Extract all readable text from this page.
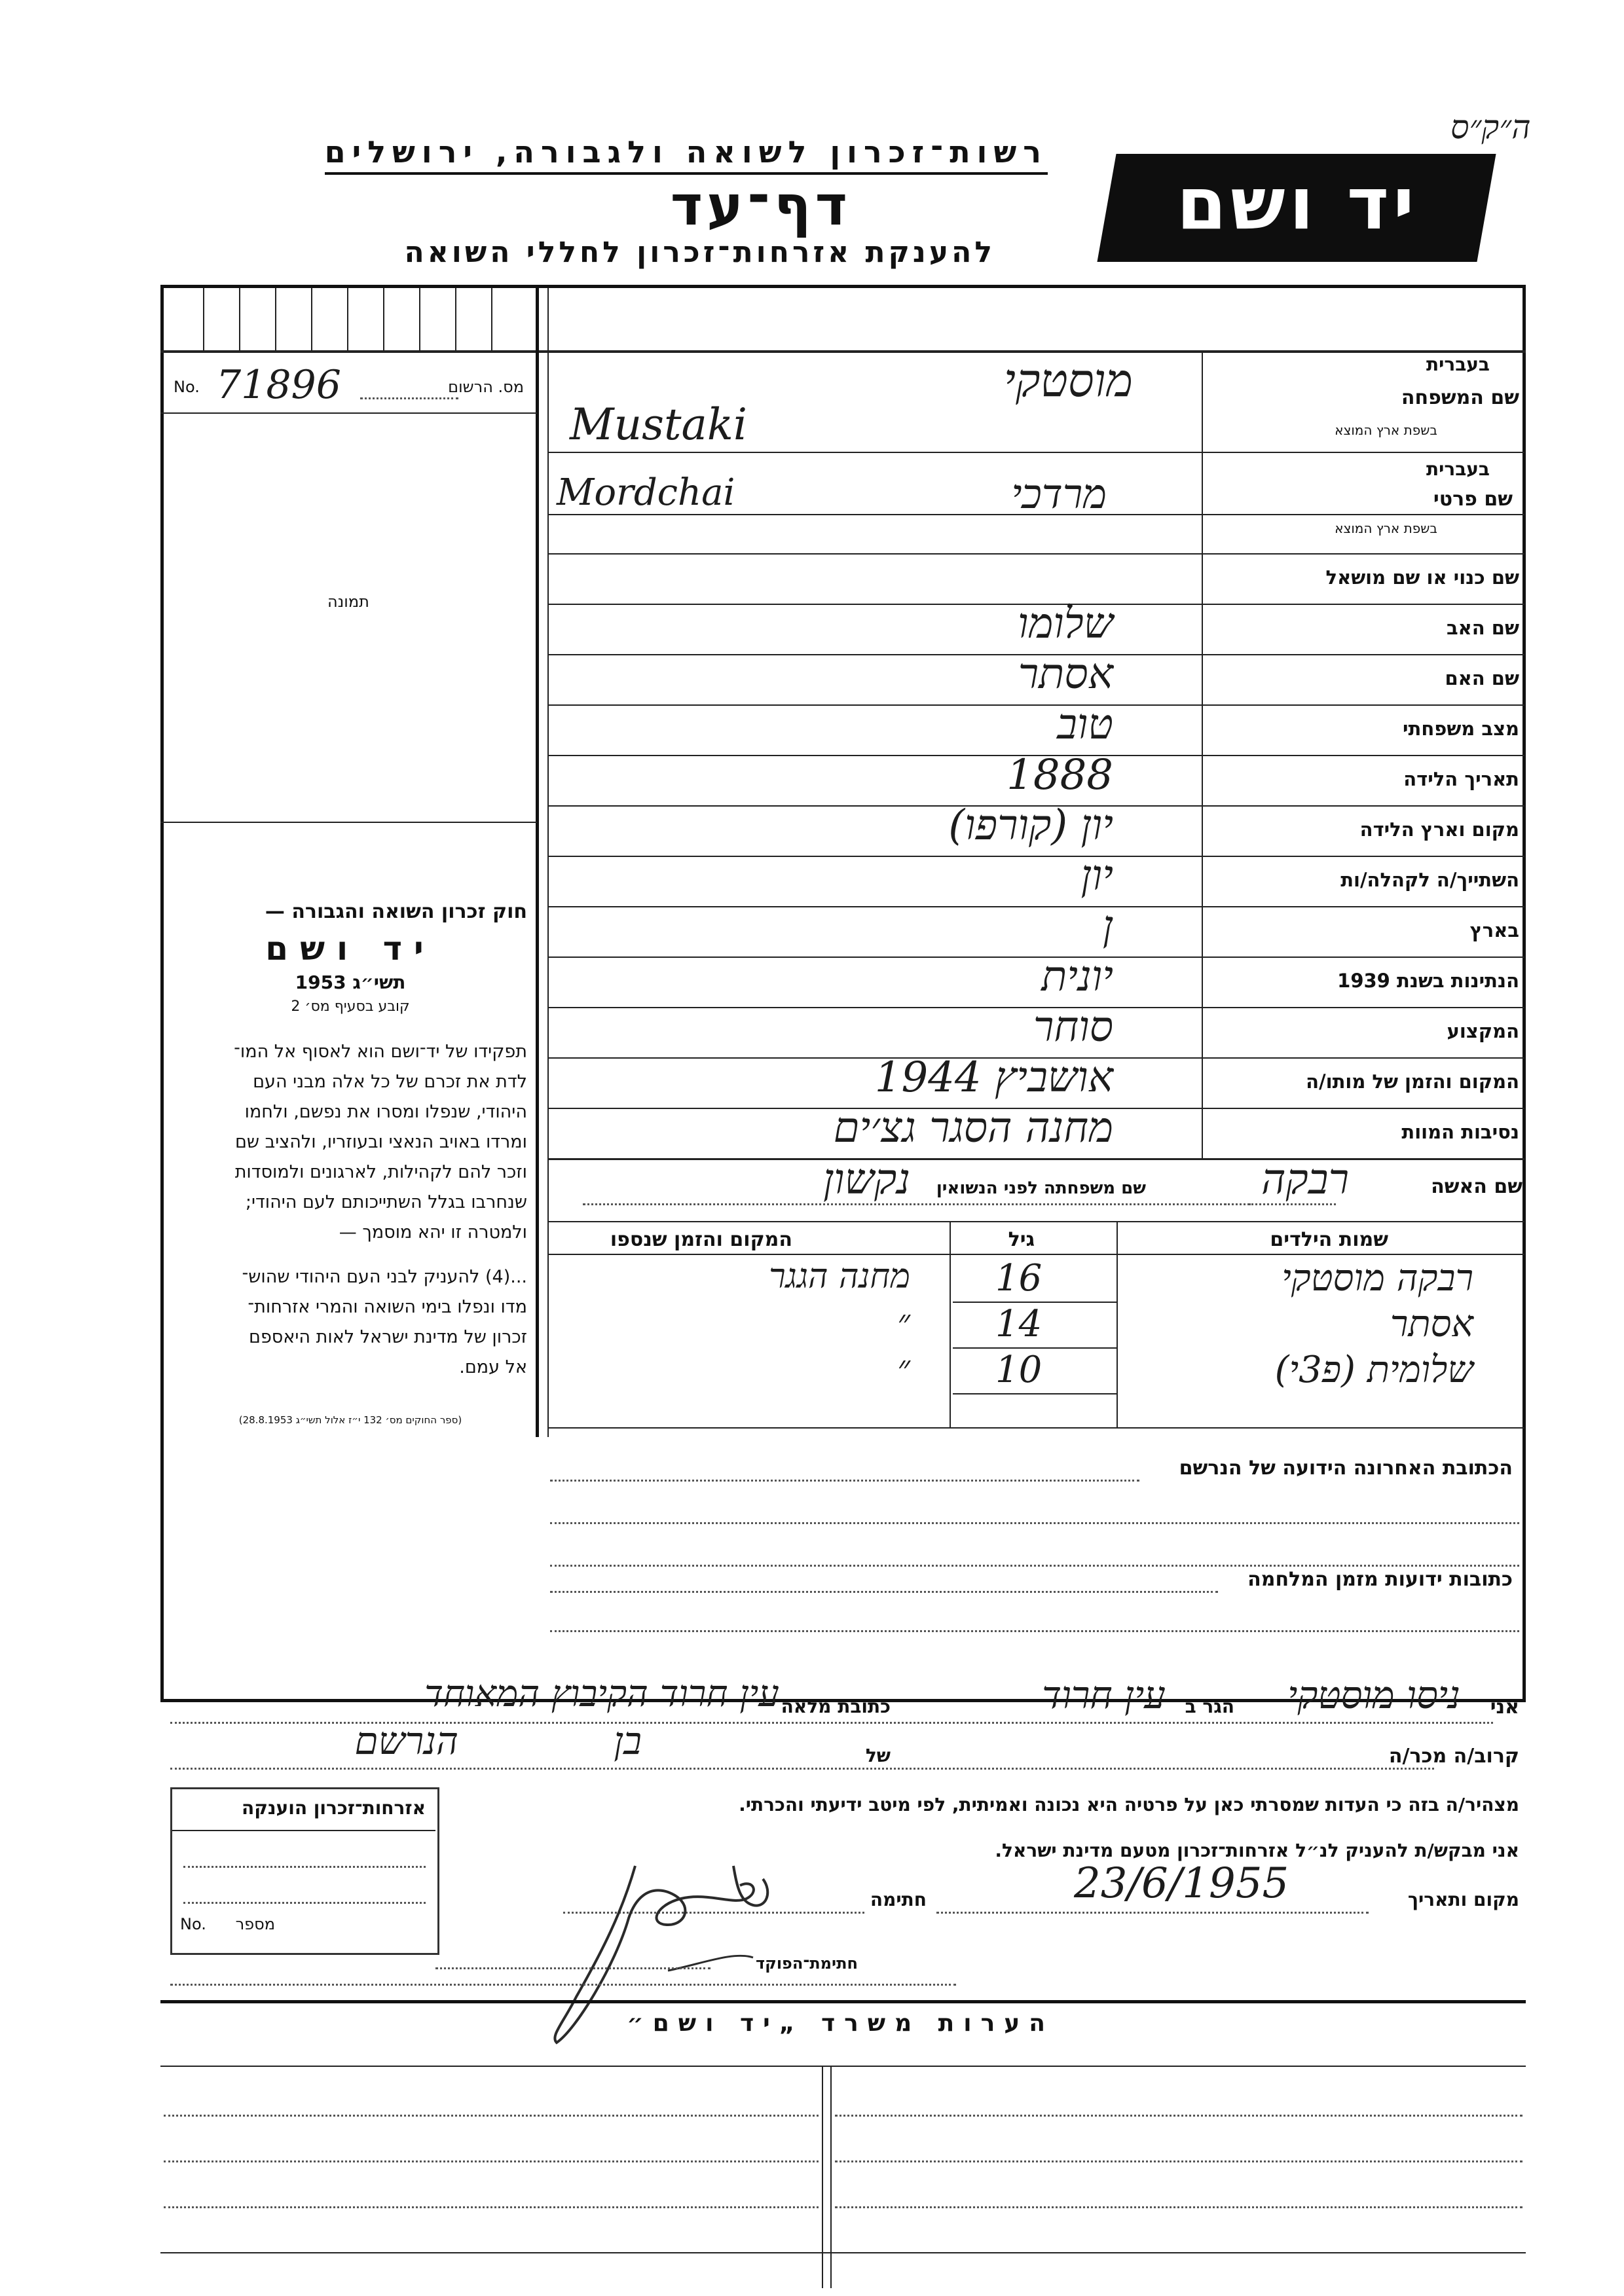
ה״ק״ס
רשות־זכרון לשואה ולגבורה, ירושלים
דף־עד
להענקת אזרחות־זכרון לחללי השואה
יד ושם
No. 71896	מס. הרשום
תמונה
חוק זכרון השואה והגבורה —
יד ושם
תשי״ג 1953
קובע בסעיף מס׳ 2
תפקידו של יד־ושם הוא לאסוף אל המו־
לדת את זכרם של כל אלה מבני העם
היהודי, שנפלו ומסרו את נפשם, ולחמו
ומרדו באויב הנאצי ובעוזריו, ולהציב שם
וזכר להם לקהילות, לארגונים ולמוסדות
שנחרבו בגלל השתייכותם לעם היהודי;
ולמטרה זו יהא מוסמך —
...(4) להעניק לבני העם היהודי שהוש־
מדו ונפלו בימי השואה והמרי אזרחות־
זכרון של מדינת ישראל לאות היאספם
אל עמם.
(ספר החוקים מס׳ 132 י״ז אלול תשי״ג 28.8.1953)
בעברית
שם המשפחה
בשפת ארץ המוצא
מוסטקי
Mustaki
בעברית
שם פרטי
בשפת ארץ המוצא
מרדכי
Mordchai
שם כנוי או שם מושאל
שם האב
שלומו
שם האם
אסתר
מצב משפחתי
טוב
תאריך הלידה
1888
מקום וארץ הלידה
יון (קורפו)
השתייך/ה לקהלה/ות
יון
בארץ
ן
הנתינות בשנת 1939
יונית
המקצוע
סוחר
המקום והזמן של מותו/ה
אושביץ 1944
נסיבות המוות
מחנה הסגר גצ׳ים
שם האשה
רבקה
שם משפחתה לפני הנשואין
נקשון
שמות הילדים
גיל
המקום והזמן שנספו
רבקה מוסטקי
16
מחנה הגגר
אסתר
14
״
שלומית (פ3י)
10
״
הכתובת האחרונה הידועה של הנרשם
כתובות ידועות מזמן המלחמה
אני
ניסו מוסטקי
הגר ב
עין חרוד
כתובת מלאה
עין חרוד הקיבוץ המאוחד
קרוב/ה מכר/ה
בן	של
הנרשם
מצהיר/ה בזה כי העדות שמסרתי כאן על פרטיה היא נכונה ואמיתית, לפי מיטב ידיעתי והכרתי.
אני מבקש/ת להעניק לנ״ל אזרחות־זכרון מטעם מדינת ישראל.
מקום ותאריך
23/6/1955
חתימה
חתימת־הפוקד
אזרחות־זכרון הוענקה
No. מספר
הערות משרד „יד ושם״
